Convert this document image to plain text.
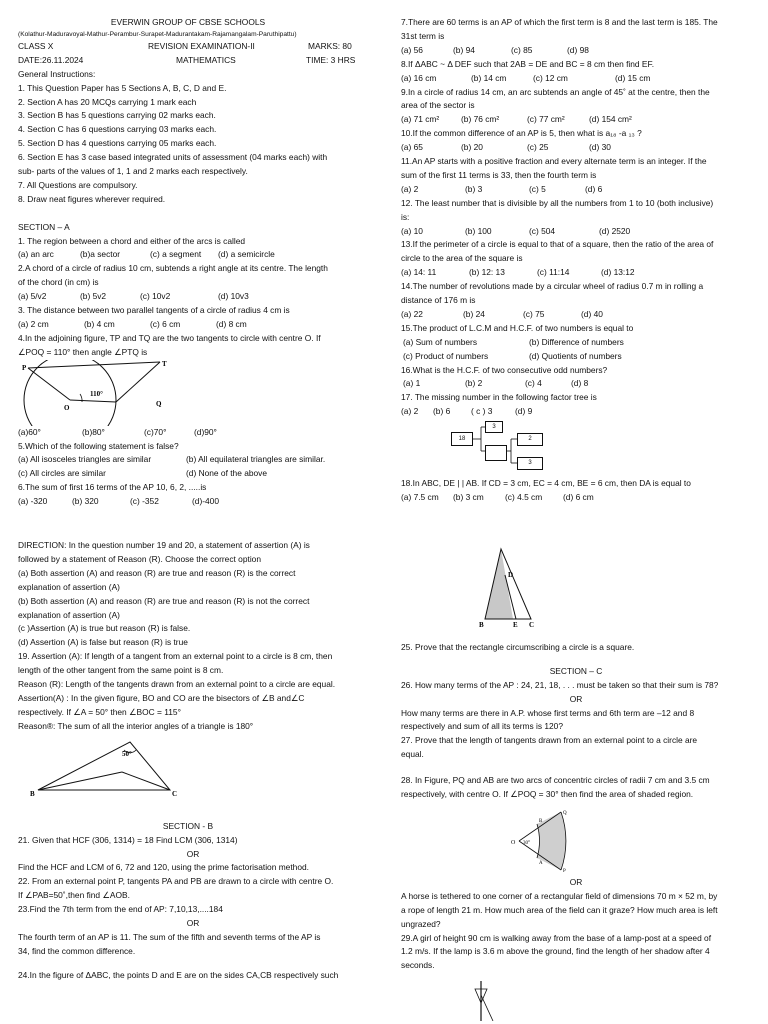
EVERWIN GROUP OF CBSE SCHOOLS
(Kolathur-Maduravoyal-Mathur-Perambur-Surapet-Madurantakam-Rajamangalam-Paruthipattu)
CLASS X	REVISION EXAMINATION-II	MARKS: 80
DATE:26.11.2024	MATHEMATICS	TIME: 3 HRS
General Instructions:
1. This Question Paper has 5 Sections A, B, C, D and E.
2. Section A has 20 MCQs carrying 1 mark each
3. Section B has 5 questions carrying 02 marks each.
4. Section C has 6 questions carrying 03 marks each.
5. Section D has 4 questions carrying 05 marks each.
6. Section E has 3 case based integrated units of assessment (04 marks each) with
sub- parts of the values of 1, 1 and 2 marks each respectively.
7. All Questions are compulsory.
8. Draw neat figures wherever required.
SECTION – A
1. The region between a chord and either of the arcs is called
(a) an arc	(b)a sector	(c) a segment (d) a semicircle
2.A chord of a circle of radius 10 cm, subtends a right angle at its centre. The length
of the chord (in cm) is
(a) 5/v2	(b) 5v2	(c) 10v2	(d) 10v3
3. The distance between two parallel tangents of a circle of radius 4 cm is
(a) 2 cm	(b) 4 cm	(c) 6 cm	(d) 8 cm
4.In the adjoining figure, TP and TQ are the two tangents to circle with centre O. If
∠POQ = 110° then angle ∠PTQ is
P	T
O	Q
110°
(a)60°	(b)80°	(c)70°	(d)90°
5.Which of the following statement is false?
(a) All isosceles triangles are similar	(b) All equilateral triangles are similar.
(c) All circles are similar	(d) None of the above
6.The sum of first 16 terms of the AP 10, 6, 2, .....is
(a) -320	(b) 320	(c) -352	(d)-400
DIRECTION: In the question number 19 and 20, a statement of assertion (A) is
followed by a statement of Reason (R). Choose the correct option
(a) Both assertion (A) and reason (R) are true and reason (R) is the correct
explanation of assertion (A)
(b) Both assertion (A) and reason (R) are true and reason (R) is not the correct
explanation of assertion (A)
(c )Assertion (A) is true but reason (R) is false.
(d) Assertion (A) is false but reason (R) is true
19. Assertion (A): If length of a tangent from an external point to a circle is 8 cm, then
length of the other tangent from the same point is 8 cm.
Reason (R): Length of the tangents drawn from an external point to a circle are equal.
Assertion(A) : In the given figure, BO and CO are the bisectors of ∠B and∠C
respectively. If ∠A = 50° then ∠BOC = 115°
Reason®: The sum of all the interior angles of a triangle is 180°
50°
B	C
SECTION - B
21. Given that HCF (306, 1314) = 18 Find LCM (306, 1314)
OR
Find the HCF and LCM of 6, 72 and 120, using the prime factorisation method.
22. From an external point P, tangents PA and PB are drawn to a circle with centre O.
If ∠PAB=50˚,then find ∠AOB.
23.Find the 7th term from the end of AP: 7,10,13,....184
OR
The fourth term of an AP is 11. The sum of the fifth and seventh terms of the AP is
34, find the common difference.
24.In the figure of ΔABC, the points D and E are on the sides CA,CB respectively such
7.There are 60 terms is an AP of which the first term is 8 and the last term is 185. The
31st term is
(a) 56	(b) 94	(c) 85	(d) 98
8.If ΔABC ~ Δ DEF such that 2AB = DE and BC = 8 cm then find EF.
(a) 16 cm	(b) 14 cm	(c) 12 cm	(d) 15 cm
9.In a circle of radius 14 cm, an arc subtends an angle of 45˚ at the centre, then the
area of the sector is
(a) 71 cm²	(b) 76 cm²	(c) 77 cm²	(d) 154 cm²
10.If the common difference of an AP is 5, then what is a₁₈ -a ₁₃ ?
(a) 65	(b) 20	(c) 25	(d) 30
11.An AP starts with a positive fraction and every alternate term is an integer. If the
sum of the first 11 terms is 33, then the fourth term is
(a) 2	(b) 3	(c) 5	(d) 6
12. The least number that is divisible by all the numbers from 1 to 10 (both inclusive)
is:
(a) 10	(b) 100	(c) 504	(d) 2520
13.If the perimeter of a circle is equal to that of a square, then the ratio of the area of
circle to the area of the square is
(a) 14: 11	(b) 12: 13	(c) 11:14	(d) 13:12
14.The number of revolutions made by a circular wheel of radius 0.7 m in rolling a
distance of 176 m is
(a) 22	(b) 24	(c) 75	(d) 40
15.The product of L.C.M and H.C.F. of two numbers is equal to
(a) Sum of numbers	(b) Difference of numbers
(c) Product of numbers	(d) Quotients of numbers
16.What is the H.C.F. of two consecutive odd numbers?
(a) 1	(b) 2	(c) 4	(d) 8
17. The missing number in the following factor tree is
(a) 2 (b) 6 ( c ) 3	(d) 9
18
3
2
3
18.In ABC, DE | | AB. If CD = 3 cm, EC = 4 cm, BE = 6 cm, then DA is equal to
(a) 7.5 cm (b) 3 cm	(c) 4.5 cm (d) 6 cm
B	E C
D
25. Prove that the rectangle circumscribing a circle is a square.
SECTION – C
26. How many terms of the AP : 24, 21, 18, . . . must be taken so that their sum is 78?
OR
How many terms are there in A.P. whose first terms and 6th term are –12 and 8
respectively and sum of all its terms is 120?
27. Prove that the length of tangents drawn from an external point to a circle are
equal.
28. In Figure, PQ and AB are two arcs of concentric circles of radii 7 cm and 3.5 cm
respectively, with centre O. If ∠POQ = 30° then find the area of shaded region.
O 30°
B
A
Q
P
OR
A horse is tethered to one corner of a rectangular field of dimensions 70 m × 52 m, by
a rope of length 21 m. How much area of the field can it graze? How much area is left
ungrazed?
29.A girl of height 90 cm is walking away from the base of a lamp-post at a speed of
1.2 m/s. If the lamp is 3.6 m above the ground, find the length of her shadow after 4
seconds.
